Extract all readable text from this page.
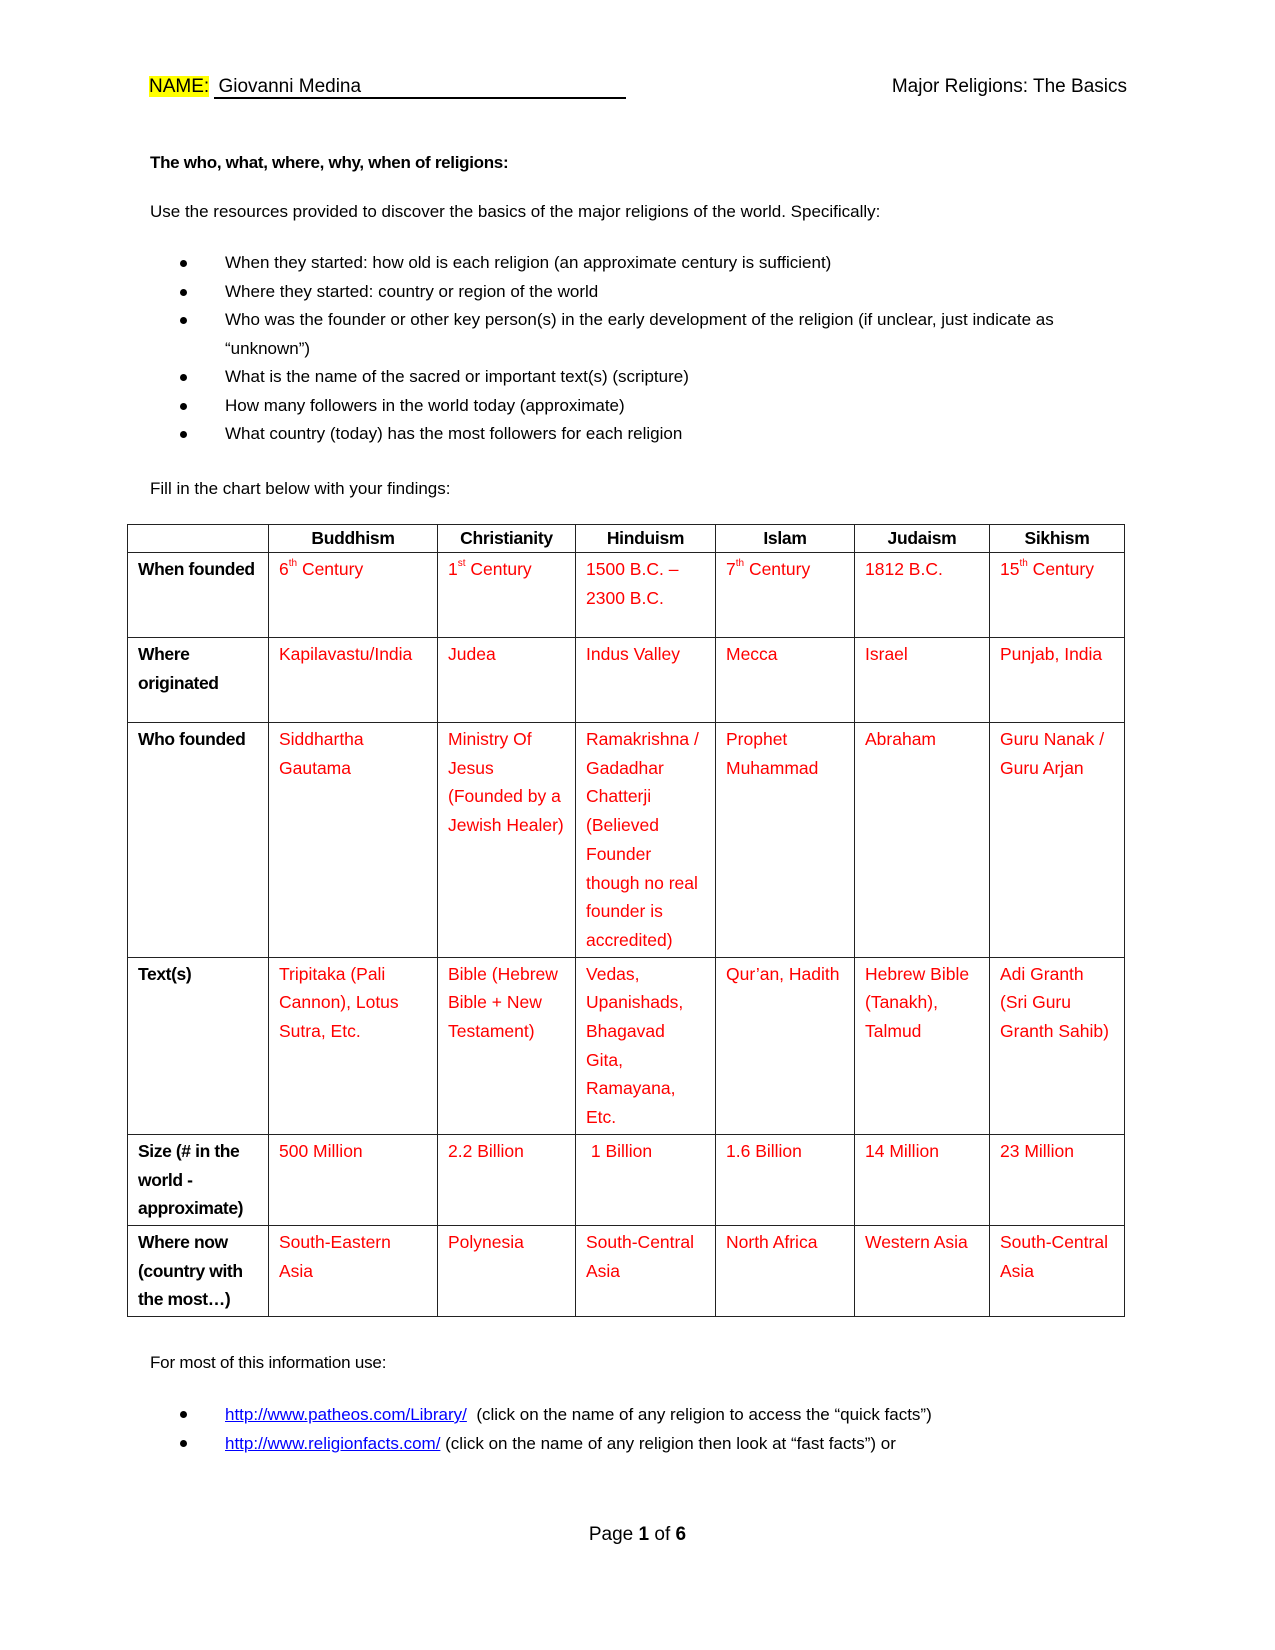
NAME: Giovanni Medina	Major Religions: The Basics
The who, what, where, why, when of religions:
Use the resources provided to discover the basics of the major religions of the world. Specifically:
When they started: how old is each religion (an approximate century is sufficient)
Where they started: country or region of the world
Who was the founder or other key person(s) in the early development of the religion (if unclear, just indicate as “unknown”)
What is the name of the sacred or important text(s) (scripture)
How many followers in the world today (approximate)
What country (today) has the most followers for each religion
Fill in the chart below with your findings:
	Buddhism	Christianity	Hinduism	Islam	Judaism	Sikhism
When founded	6th Century	1st Century	1500 B.C. – 2300 B.C.	7th Century	1812 B.C.	15th Century
Where originated	Kapilavastu/India	Judea	Indus Valley	Mecca	Israel	Punjab, India
Who founded	Siddhartha Gautama	Ministry Of Jesus (Founded by a Jewish Healer)	Ramakrishna / Gadadhar Chatterji (Believed Founder though no real founder is accredited)	Prophet Muhammad	Abraham	Guru Nanak / Guru Arjan
Text(s)	Tripitaka (Pali Cannon), Lotus Sutra, Etc.	Bible (Hebrew Bible + New Testament)	Vedas, Upanishads, Bhagavad Gita, Ramayana, Etc.	Qur’an, Hadith	Hebrew Bible (Tanakh), Talmud	Adi Granth (Sri Guru Granth Sahib)
Size (# in the world - approximate)	500 Million	2.2 Billion	1 Billion	1.6 Billion	14 Million	23 Million
Where now (country with the most…)	South-Eastern Asia	Polynesia	South-Central Asia	North Africa	Western Asia	South-Central Asia
For most of this information use:
http://www.patheos.com/Library/  (click on the name of any religion to access the “quick facts”)
http://www.religionfacts.com/ (click on the name of any religion then look at “fast facts”) or
Page 1 of 6
